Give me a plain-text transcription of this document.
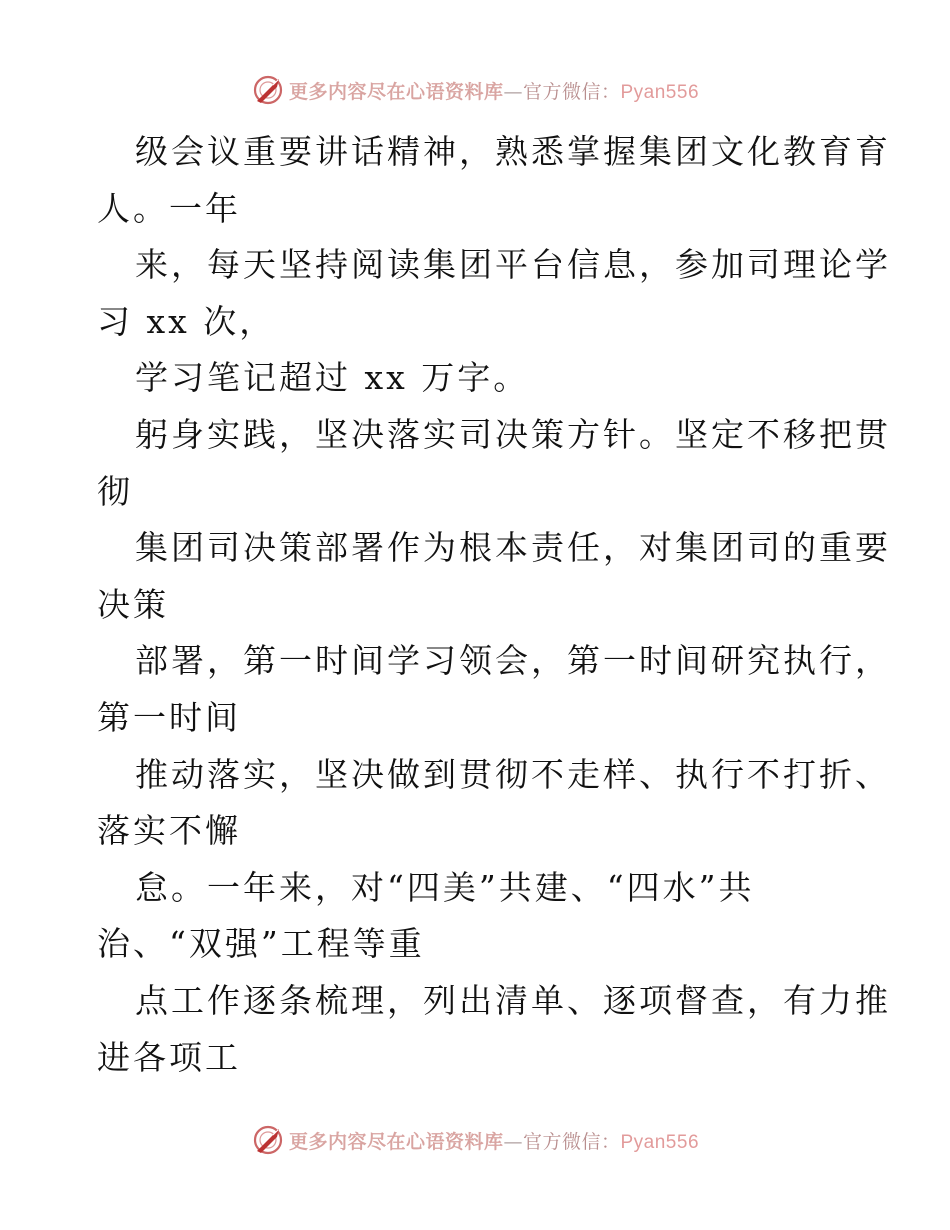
更多内容尽在心语资料库—官方微信：Pyan556
级会议重要讲话精神，熟悉掌握集团文化教育育
人。一年
来，每天坚持阅读集团平台信息，参加司理论学
习 xx 次，
学习笔记超过 xx 万字。
躬身实践，坚决落实司决策方针。坚定不移把贯
彻
集团司决策部署作为根本责任，对集团司的重要
决策
部署，第一时间学习领会，第一时间研究执行，
第一时间
推动落实，坚决做到贯彻不走样、执行不打折、
落实不懈
怠。一年来，对“四美”共建、“四水”共
治、“双强”工程等重
点工作逐条梳理，列出清单、逐项督查，有力推
进各项工
更多内容尽在心语资料库—官方微信：Pyan556
